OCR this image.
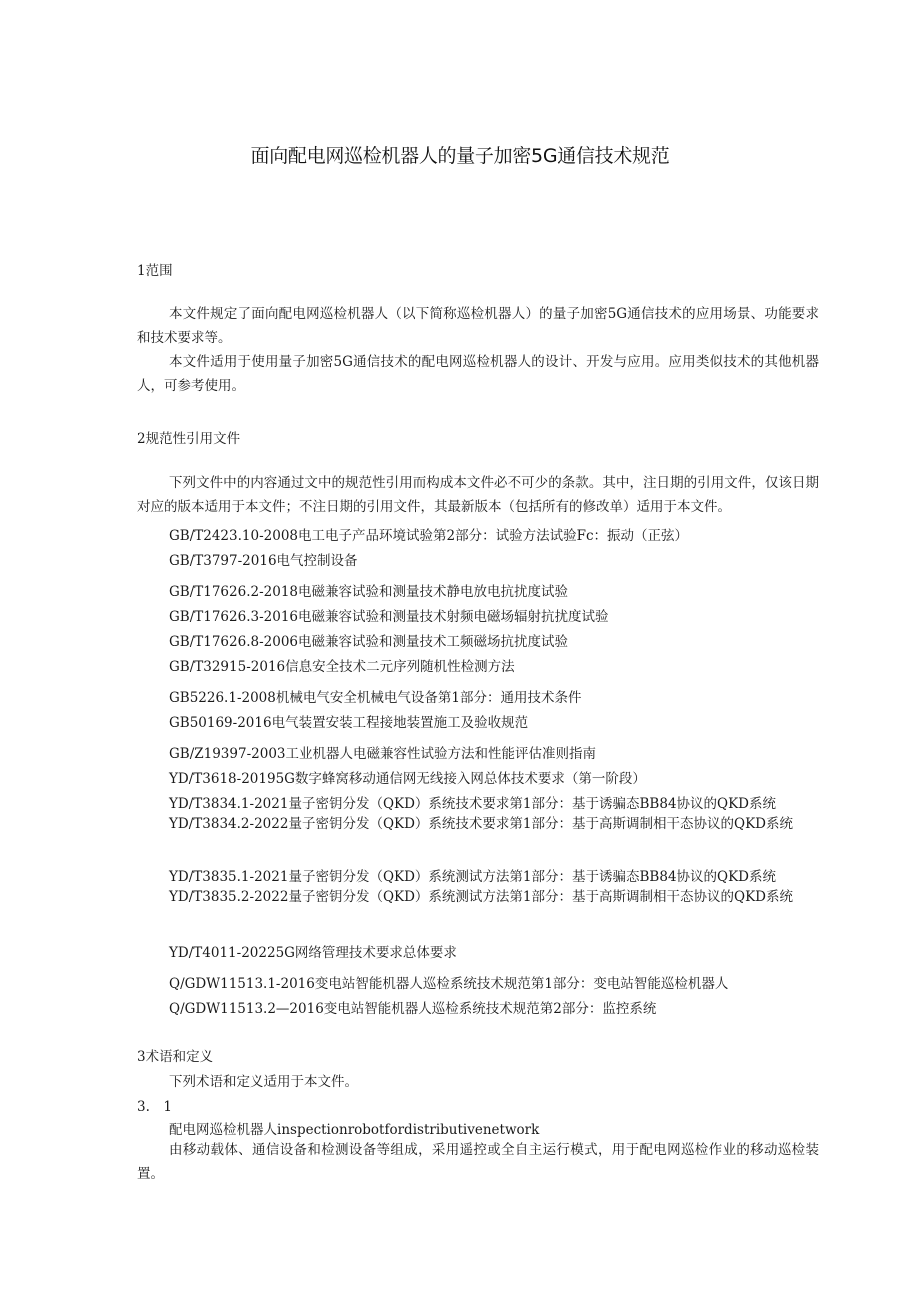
面向配电网巡检机器人的量子加密5G通信技术规范
1范围
本文件规定了面向配电网巡检机器人（以下简称巡检机器人）的量子加密5G通信技术的应用场景、功能要求和技术要求等。
本文件适用于使用量子加密5G通信技术的配电网巡检机器人的设计、开发与应用。应用类似技术的其他机器人，可参考使用。
2规范性引用文件
下列文件中的内容通过文中的规范性引用而构成本文件必不可少的条款。其中，注日期的引用文件，仅该日期对应的版本适用于本文件；不注日期的引用文件，其最新版本（包括所有的修改单）适用于本文件。
GB/T2423.10-2008电工电子产品环境试验第2部分：试验方法试验Fc：振动（正弦）
GB/T3797-2016电气控制设备
GB/T17626.2-2018电磁兼容试验和测量技术静电放电抗扰度试验
GB/T17626.3-2016电磁兼容试验和测量技术射频电磁场辐射抗扰度试验
GB/T17626.8-2006电磁兼容试验和测量技术工频磁场抗扰度试验
GB/T32915-2016信息安全技术二元序列随机性检测方法
GB5226.1-2008机械电气安全机械电气设备第1部分：通用技术条件
GB50169-2016电气装置安装工程接地装置施工及验收规范
GB/Z19397-2003工业机器人电磁兼容性试验方法和性能评估准则指南
YD/T3618-20195G数字蜂窝移动通信网无线接入网总体技术要求（第一阶段）
YD/T3834.1-2021量子密钥分发（QKD）系统技术要求第1部分：基于诱骗态BB84协议的QKD系统
YD/T3834.2-2022量子密钥分发（QKD）系统技术要求第1部分：基于高斯调制相干态协议的QKD系统
YD/T3835.1-2021量子密钥分发（QKD）系统测试方法第1部分：基于诱骗态BB84协议的QKD系统
YD/T3835.2-2022量子密钥分发（QKD）系统测试方法第1部分：基于高斯调制相干态协议的QKD系统
YD/T4011-20225G网络管理技术要求总体要求
Q/GDW11513.1-2016变电站智能机器人巡检系统技术规范第1部分：变电站智能巡检机器人
Q/GDW11513.2—2016变电站智能机器人巡检系统技术规范第2部分：监控系统
3术语和定义
下列术语和定义适用于本文件。
3.　1
配电网巡检机器人inspectionrobotfordistributivenetwork
由移动载体、通信设备和检测设备等组成，采用遥控或全自主运行模式，用于配电网巡检作业的移动巡检装置。
